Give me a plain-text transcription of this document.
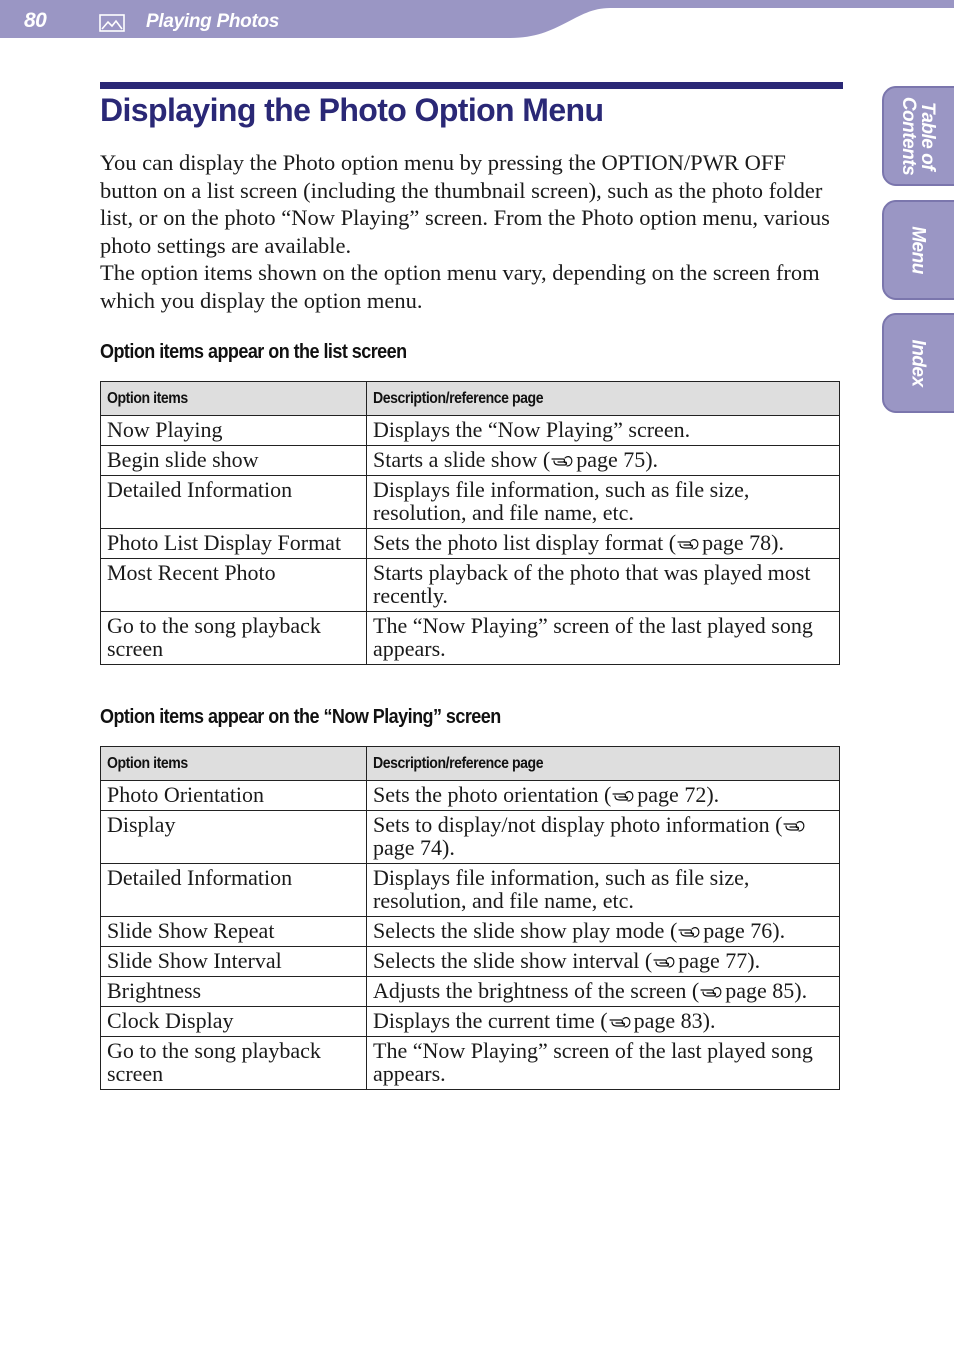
80	Playing Photos
Table of
Contents
Menu
Index
Displaying the Photo Option Menu

You can display the Photo option menu by pressing the OPTION/PWR OFF button on a list screen (including the thumbnail screen), such as the photo folder list, or on the photo “Now Playing” screen. From the Photo option menu, various photo settings are available.

The option items shown on the option menu vary, depending on the screen from which you display the option menu.

Option items appear on the list screen
Option items	Description/reference page
Now Playing	Displays the “Now Playing” screen.
Begin slide show	Starts a slide show ( page 75).
Detailed Information	Displays file information, such as file size, resolution, and file name, etc.
Photo List Display Format	Sets the photo list display format ( page 78).
Most Recent Photo	Starts playback of the photo that was played most recently.
Go to the song playback screen	The “Now Playing” screen of the last played song appears.
Option items appear on the “Now Playing” screen
Option items	Description/reference page
Photo Orientation	Sets the photo orientation ( page 72).
Display	Sets to display/not display photo information (page 74).
Detailed Information	Displays file information, such as file size, resolution, and file name, etc.
Slide Show Repeat	Selects the slide show play mode ( page 76).
Slide Show Interval	Selects the slide show interval ( page 77).
Brightness	Adjusts the brightness of the screen ( page 85).
Clock Display	Displays the current time ( page 83).
Go to the song playback screen	The “Now Playing” screen of the last played song appears.
